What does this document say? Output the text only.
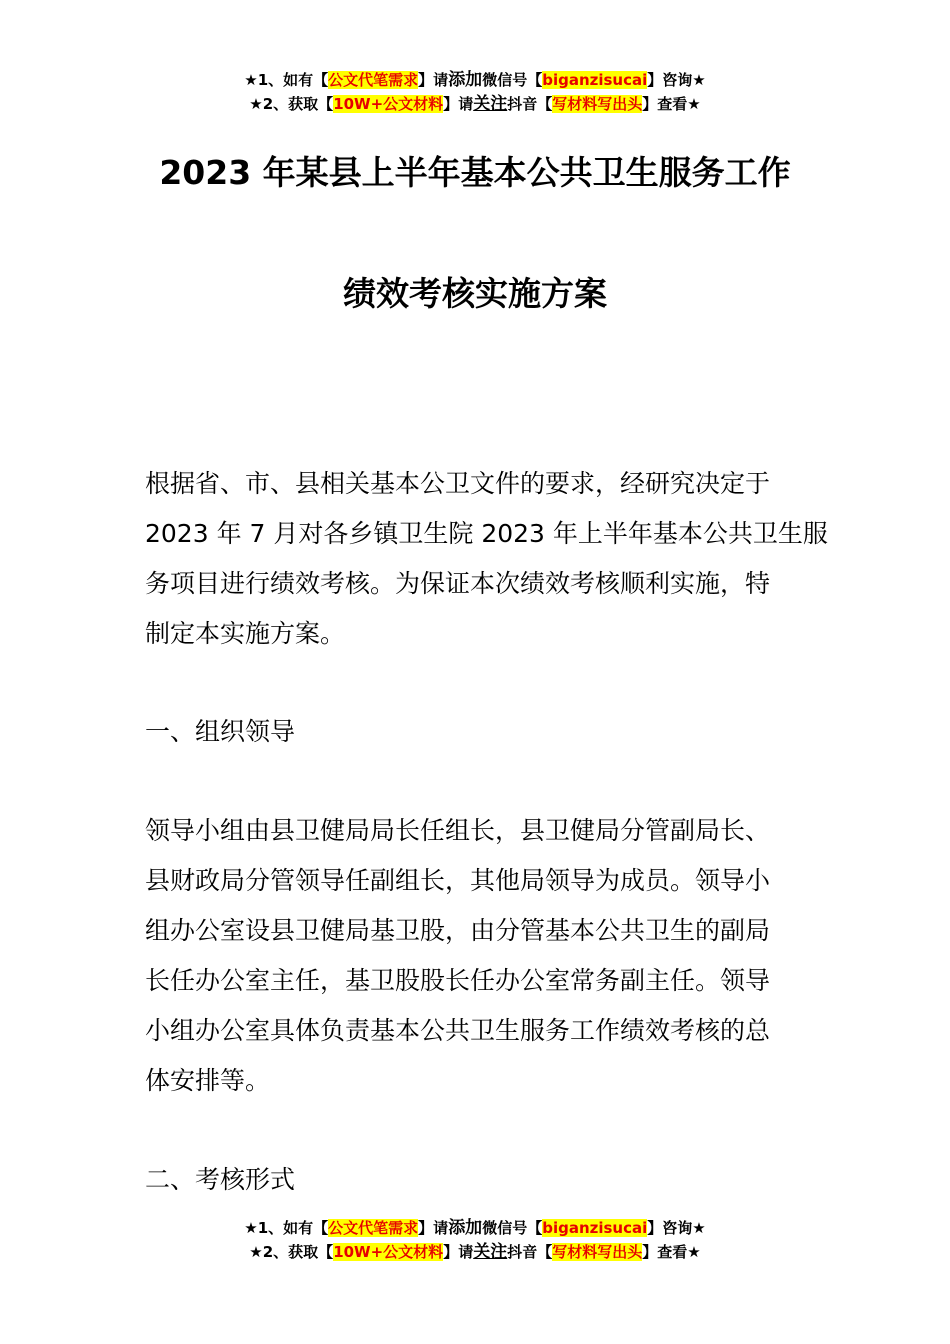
★1、如有【公文代笔需求】请添加微信号【biganzisucai】咨询★
★2、获取【10W+公文材料】请关注抖音【写材料写出头】查看★
2023 年某县上半年基本公共卫生服务工作
绩效考核实施方案
根据省、市、县相关基本公卫文件的要求，经研究决定于
2023 年 7 月对各乡镇卫生院 2023 年上半年基本公共卫生服
务项目进行绩效考核。为保证本次绩效考核顺利实施，特
制定本实施方案。
一、组织领导
领导小组由县卫健局局长任组长，县卫健局分管副局长、
县财政局分管领导任副组长，其他局领导为成员。领导小
组办公室设县卫健局基卫股，由分管基本公共卫生的副局
长任办公室主任，基卫股股长任办公室常务副主任。领导
小组办公室具体负责基本公共卫生服务工作绩效考核的总
体安排等。
二、考核形式
★1、如有【公文代笔需求】请添加微信号【biganzisucai】咨询★
★2、获取【10W+公文材料】请关注抖音【写材料写出头】查看★
